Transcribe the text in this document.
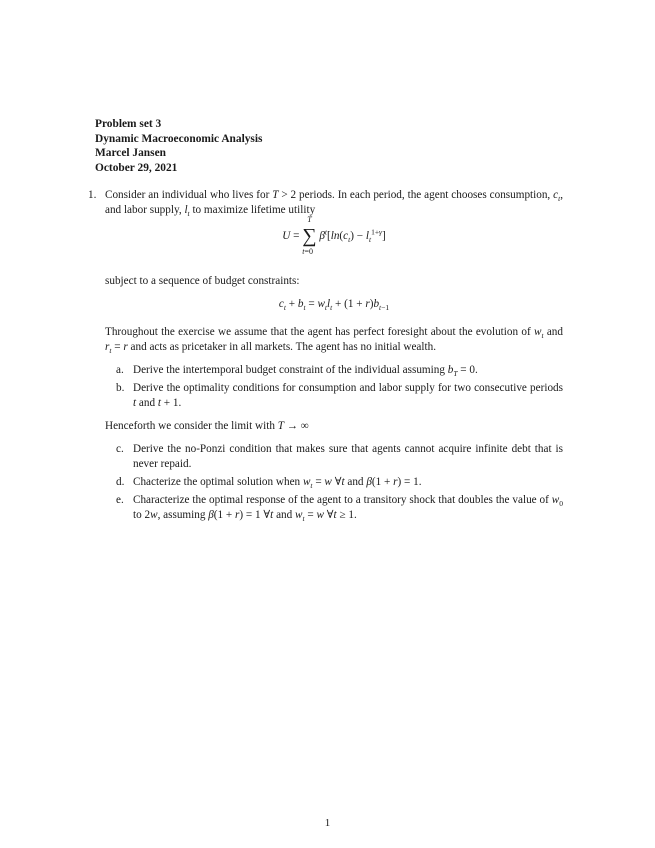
Problem set 3
Dynamic Macroeconomic Analysis
Marcel Jansen
October 29, 2021
1. Consider an individual who lives for T > 2 periods. In each period, the agent chooses consumption, $c_t$, and labor supply, $l_t$ to maximize lifetime utility

U =
T
∑
t=0
$\beta^t[\ln(c_t) - l_t^{1+\gamma}]$

subject to a sequence of budget constraints:

$c_t + b_t = w_tl_t + (1 + r)b_{t-1}$

Throughout the exercise we assume that the agent has perfect foresight about the evolution of $w_t$ and $r_t = r$ and acts as pricetaker in all markets. The agent has no initial wealth.

a. Derive the intertemporal budget constraint of the individual assuming $b_T = 0$.
b. Derive the optimality conditions for consumption and labor supply for two consecutive periods t and t + 1.

Henceforth we consider the limit with T → ∞

c. Derive the no-Ponzi condition that makes sure that agents cannot acquire infinite debt that is never repaid.
d. Chacterize the optimal solution when $w_t = w$ ∀t and β(1 + r) = 1.
e. Characterize the optimal response of the agent to a transitory shock that doubles the value of $w_0$ to 2w, assuming β(1 + r) = 1 ∀t and $w_t = w$ ∀t ≥ 1.
1
